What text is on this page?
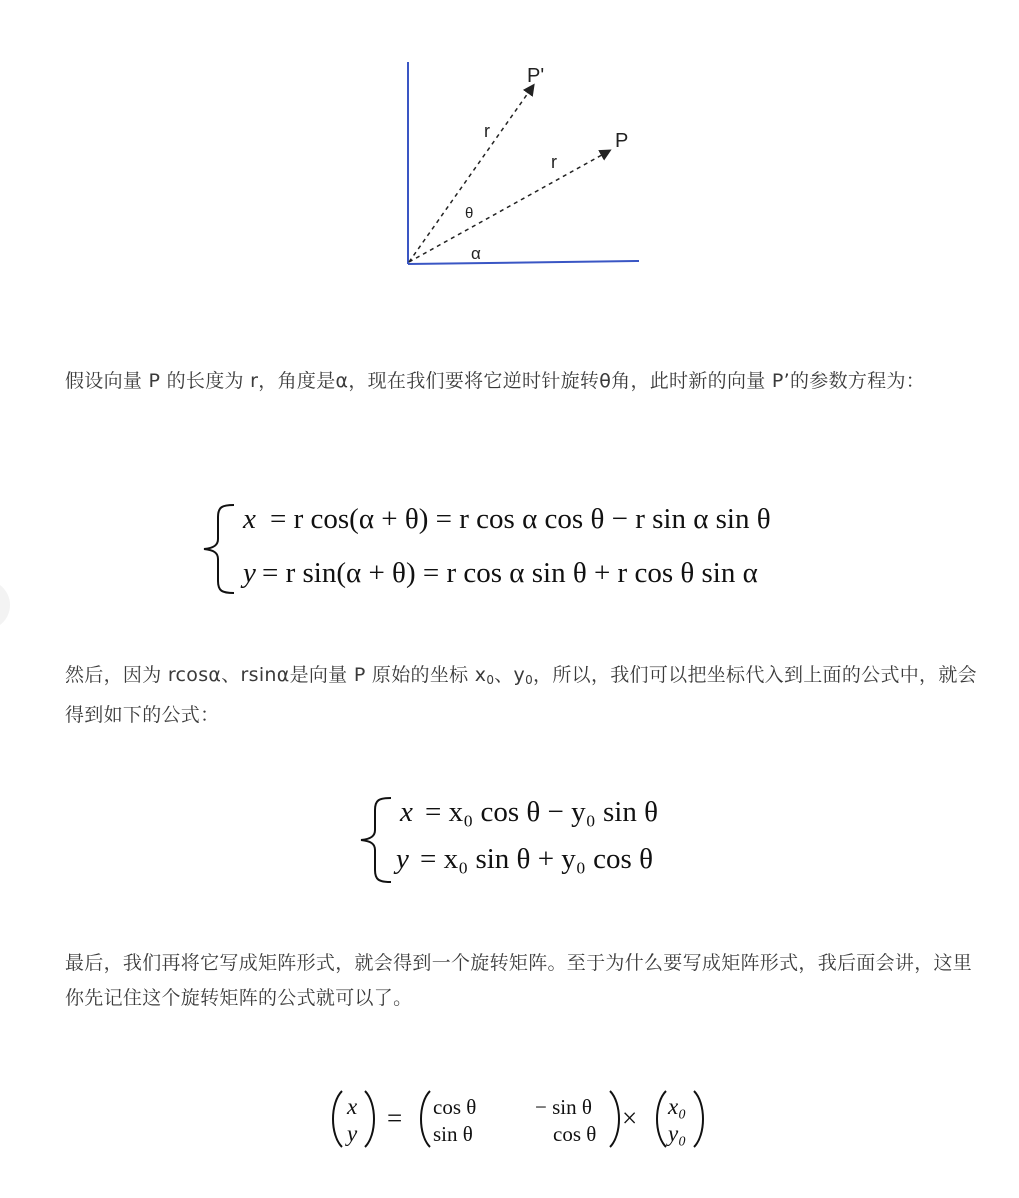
P'
P
r
r
θ
α

假设向量 P 的长度为 r，角度是α，现在我们要将它逆时针旋转θ角，此时新的向量 P’的参数方程为：

x = r cos(α + θ) = r cos α cos θ − r sin α sin θ
y = r sin(α + θ) = r cos α sin θ + r cos θ sin α

然后，因为 rcosα、rsinα是向量 P 原始的坐标 $x_0$、$y_0$，所以，我们可以把坐标代入到上面的公式中，就会得到如下的公式：

x = x₀ cos θ − y₀ sin θ
y = x₀ sin θ + y₀ cos θ

最后，我们再将它写成矩阵形式，就会得到一个旋转矩阵。至于为什么要写成矩阵形式，我后面会讲，这里你先记住这个旋转矩阵的公式就可以了。

x
y
= cos θ	− sin θ
sin θ	cos θ
× x₀
y₀
